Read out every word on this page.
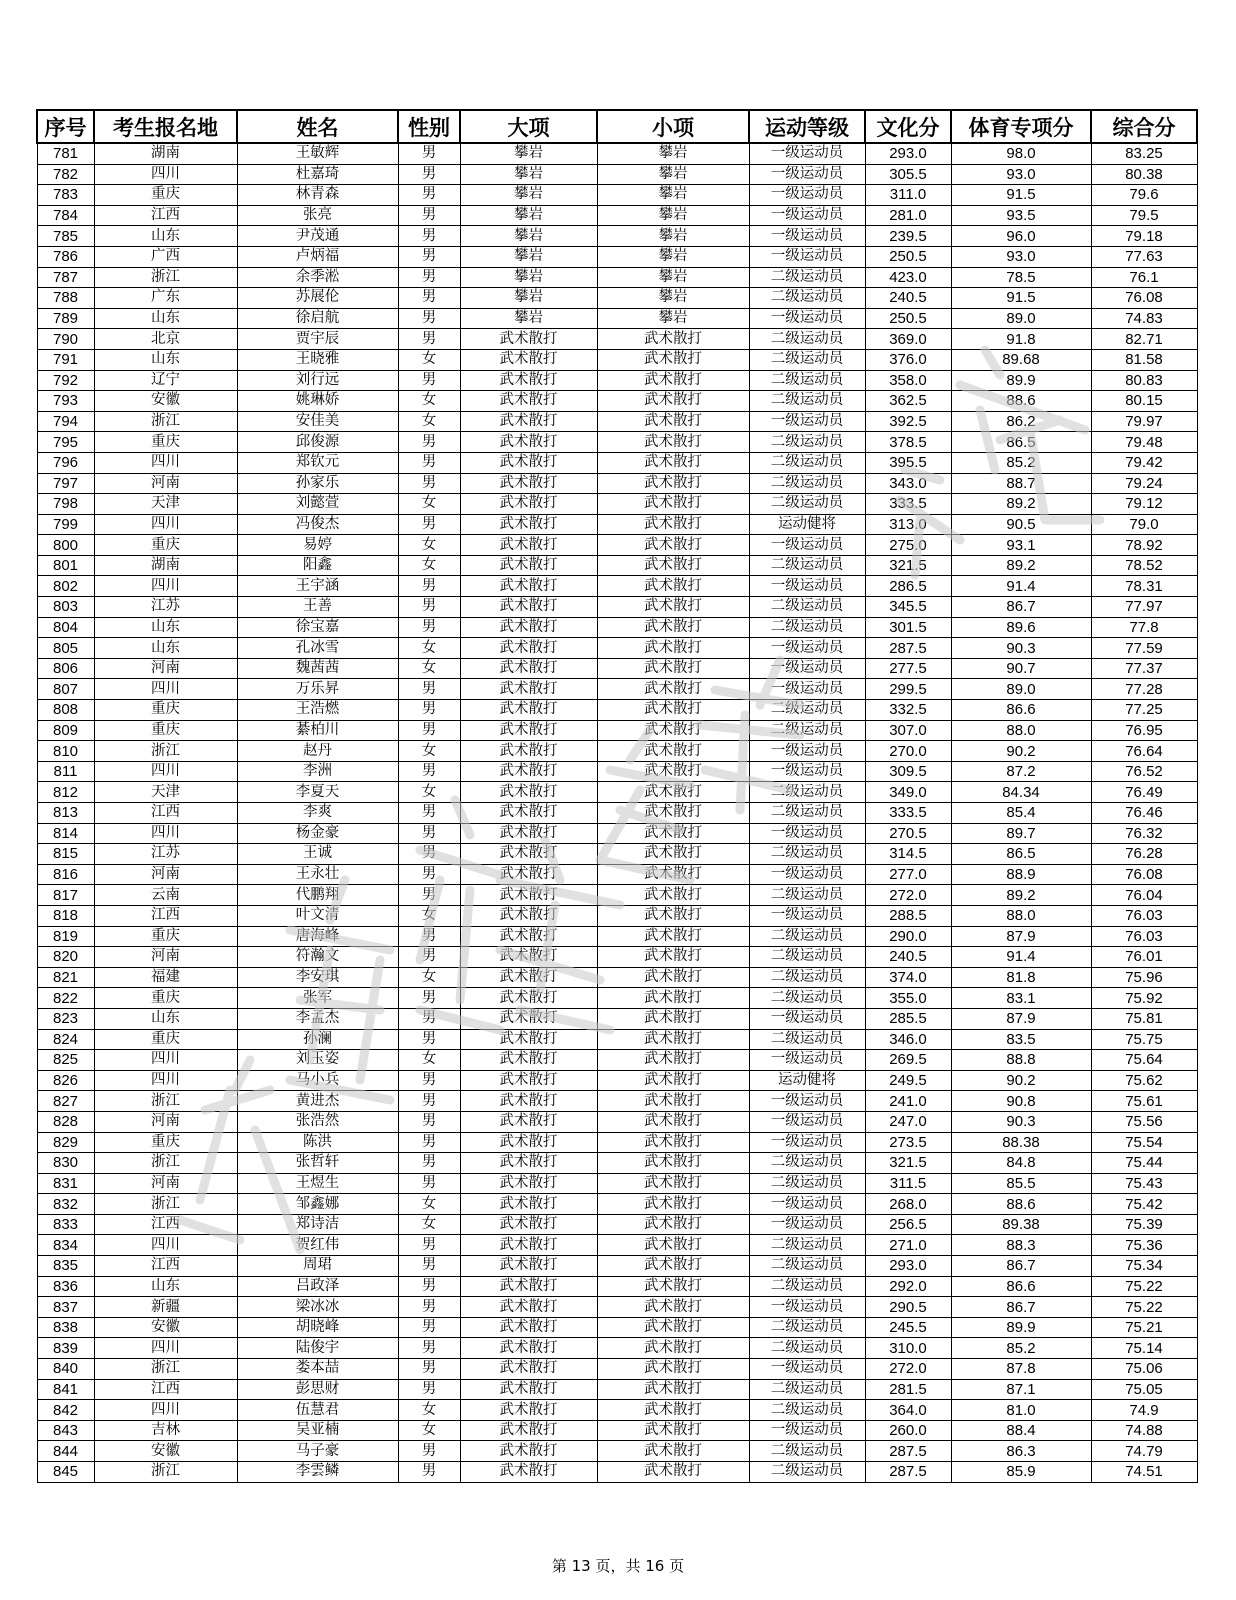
序号	考生报名地	姓名	性别	大项	小项	运动等级	文化分	体育专项分	综合分
781	湖南	王敏辉	男	攀岩	攀岩	一级运动员	293.0	98.0	83.25
782	四川	杜嘉琦	男	攀岩	攀岩	一级运动员	305.5	93.0	80.38
783	重庆	林青森	男	攀岩	攀岩	一级运动员	311.0	91.5	79.6
784	江西	张亮	男	攀岩	攀岩	一级运动员	281.0	93.5	79.5
785	山东	尹茂通	男	攀岩	攀岩	一级运动员	239.5	96.0	79.18
786	广西	卢炳福	男	攀岩	攀岩	一级运动员	250.5	93.0	77.63
787	浙江	余季淞	男	攀岩	攀岩	二级运动员	423.0	78.5	76.1
788	广东	苏展伦	男	攀岩	攀岩	二级运动员	240.5	91.5	76.08
789	山东	徐启航	男	攀岩	攀岩	一级运动员	250.5	89.0	74.83
790	北京	贾宇辰	男	武术散打	武术散打	二级运动员	369.0	91.8	82.71
791	山东	王晓雅	女	武术散打	武术散打	二级运动员	376.0	89.68	81.58
792	辽宁	刘行远	男	武术散打	武术散打	二级运动员	358.0	89.9	80.83
793	安徽	姚琳娇	女	武术散打	武术散打	二级运动员	362.5	88.6	80.15
794	浙江	安佳美	女	武术散打	武术散打	一级运动员	392.5	86.2	79.97
795	重庆	邱俊源	男	武术散打	武术散打	二级运动员	378.5	86.5	79.48
796	四川	郑钦元	男	武术散打	武术散打	二级运动员	395.5	85.2	79.42
797	河南	孙家乐	男	武术散打	武术散打	二级运动员	343.0	88.7	79.24
798	天津	刘懿萱	女	武术散打	武术散打	二级运动员	333.5	89.2	79.12
799	四川	冯俊杰	男	武术散打	武术散打	运动健将	313.0	90.5	79.0
800	重庆	易婷	女	武术散打	武术散打	一级运动员	275.0	93.1	78.92
801	湖南	阳鑫	女	武术散打	武术散打	二级运动员	321.5	89.2	78.52
802	四川	王宇涵	男	武术散打	武术散打	一级运动员	286.5	91.4	78.31
803	江苏	王善	男	武术散打	武术散打	二级运动员	345.5	86.7	77.97
804	山东	徐宝嘉	男	武术散打	武术散打	二级运动员	301.5	89.6	77.8
805	山东	孔冰雪	女	武术散打	武术散打	一级运动员	287.5	90.3	77.59
806	河南	魏茜茜	女	武术散打	武术散打	一级运动员	277.5	90.7	77.37
807	四川	万乐昇	男	武术散打	武术散打	一级运动员	299.5	89.0	77.28
808	重庆	王浩燃	男	武术散打	武术散打	二级运动员	332.5	86.6	77.25
809	重庆	綦柏川	男	武术散打	武术散打	二级运动员	307.0	88.0	76.95
810	浙江	赵丹	女	武术散打	武术散打	一级运动员	270.0	90.2	76.64
811	四川	李洲	男	武术散打	武术散打	一级运动员	309.5	87.2	76.52
812	天津	李夏天	女	武术散打	武术散打	二级运动员	349.0	84.34	76.49
813	江西	李爽	男	武术散打	武术散打	二级运动员	333.5	85.4	76.46
814	四川	杨金豪	男	武术散打	武术散打	一级运动员	270.5	89.7	76.32
815	江苏	王诚	男	武术散打	武术散打	二级运动员	314.5	86.5	76.28
816	河南	王永壮	男	武术散打	武术散打	一级运动员	277.0	88.9	76.08
817	云南	代鹏翔	男	武术散打	武术散打	二级运动员	272.0	89.2	76.04
818	江西	叶文清	女	武术散打	武术散打	一级运动员	288.5	88.0	76.03
819	重庆	唐海峰	男	武术散打	武术散打	二级运动员	290.0	87.9	76.03
820	河南	符瀚文	男	武术散打	武术散打	二级运动员	240.5	91.4	76.01
821	福建	李安琪	女	武术散打	武术散打	二级运动员	374.0	81.8	75.96
822	重庆	张军	男	武术散打	武术散打	二级运动员	355.0	83.1	75.92
823	山东	李孟杰	男	武术散打	武术散打	一级运动员	285.5	87.9	75.81
824	重庆	孙澜	男	武术散打	武术散打	二级运动员	346.0	83.5	75.75
825	四川	刘玉姿	女	武术散打	武术散打	一级运动员	269.5	88.8	75.64
826	四川	马小兵	男	武术散打	武术散打	运动健将	249.5	90.2	75.62
827	浙江	黄进杰	男	武术散打	武术散打	一级运动员	241.0	90.8	75.61
828	河南	张浩然	男	武术散打	武术散打	一级运动员	247.0	90.3	75.56
829	重庆	陈洪	男	武术散打	武术散打	一级运动员	273.5	88.38	75.54
830	浙江	张哲轩	男	武术散打	武术散打	二级运动员	321.5	84.8	75.44
831	河南	王煜生	男	武术散打	武术散打	二级运动员	311.5	85.5	75.43
832	浙江	邹鑫娜	女	武术散打	武术散打	一级运动员	268.0	88.6	75.42
833	江西	郑诗洁	女	武术散打	武术散打	一级运动员	256.5	89.38	75.39
834	四川	贺红伟	男	武术散打	武术散打	二级运动员	271.0	88.3	75.36
835	江西	周珺	男	武术散打	武术散打	二级运动员	293.0	86.7	75.34
836	山东	吕政泽	男	武术散打	武术散打	二级运动员	292.0	86.6	75.22
837	新疆	梁冰冰	男	武术散打	武术散打	一级运动员	290.5	86.7	75.22
838	安徽	胡晓峰	男	武术散打	武术散打	二级运动员	245.5	89.9	75.21
839	四川	陆俊宇	男	武术散打	武术散打	二级运动员	310.0	85.2	75.14
840	浙江	娄本喆	男	武术散打	武术散打	一级运动员	272.0	87.8	75.06
841	江西	彭思财	男	武术散打	武术散打	二级运动员	281.5	87.1	75.05
842	四川	伍慧君	女	武术散打	武术散打	二级运动员	364.0	81.0	74.9
843	吉林	吴亚楠	女	武术散打	武术散打	一级运动员	260.0	88.4	74.88
844	安徽	马子豪	男	武术散打	武术散打	二级运动员	287.5	86.3	74.79
845	浙江	李雲鳞	男	武术散打	武术散打	二级运动员	287.5	85.9	74.51
第 13 页，共 16 页
